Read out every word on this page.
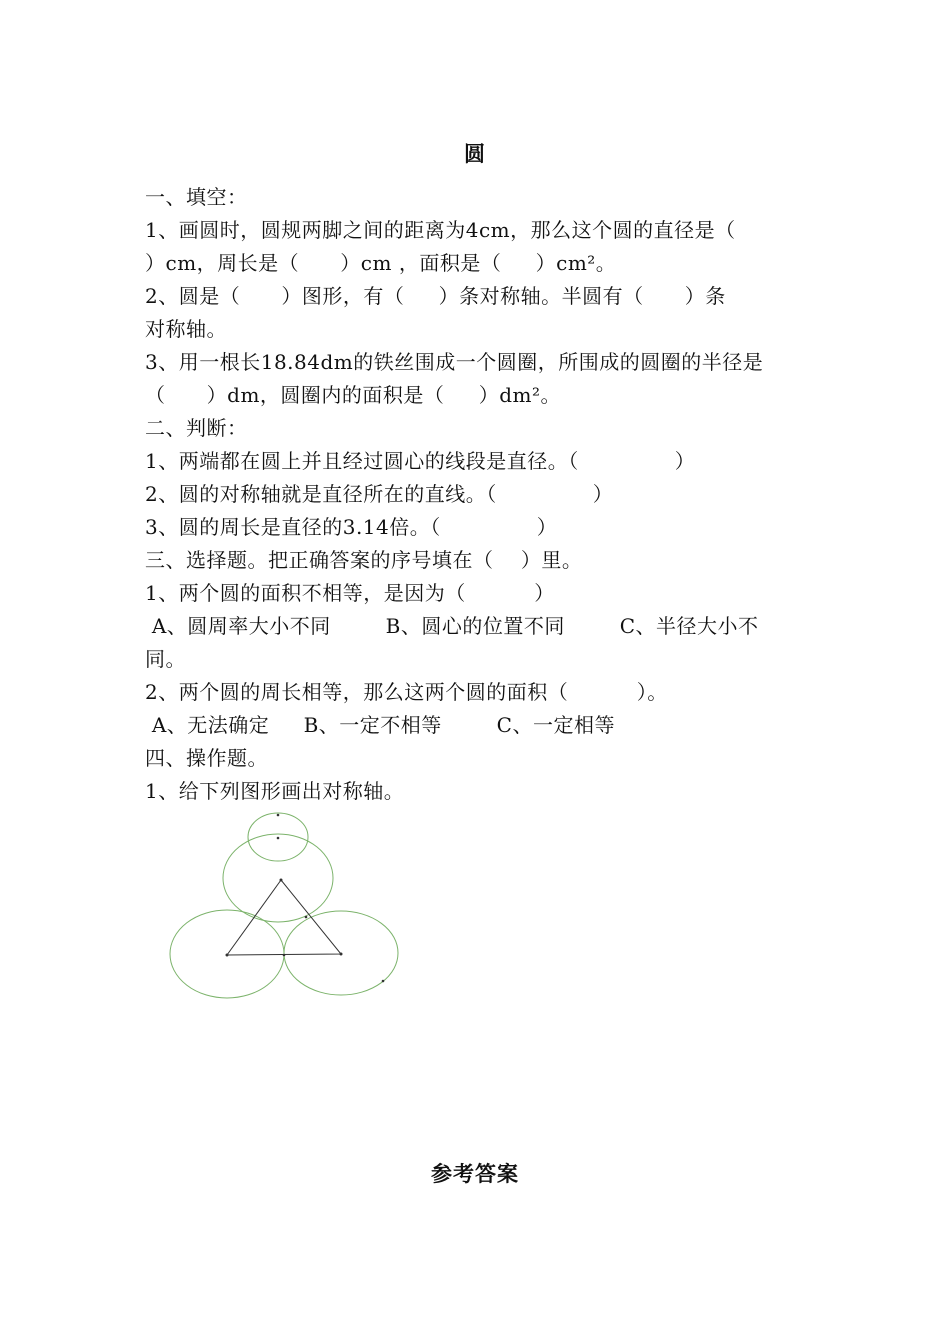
圆
一、填空：
1、画圆时，圆规两脚之间的距离为4cm，那么这个圆的直径是（
）cm，周长是（      ）cm ，面积是（     ）cm²。
2、圆是（      ）图形，有（     ）条对称轴。半圆有（      ）条
对称轴。
3、用一根长18.84dm的铁丝围成一个圆圈，所围成的圆圈的半径是
（      ）dm，圆圈内的面积是（     ）dm²。
二、判断：
1、两端都在圆上并且经过圆心的线段是直径。（              ）
2、圆的对称轴就是直径所在的直线。（              ）
3、圆的周长是直径的3.14倍。（              ）
三、选择题。把正确答案的序号填在（    ）里。
1、两个圆的面积不相等，是因为（          ）
A、圆周率大小不同        B、圆心的位置不同        C、半径大小不
同。
2、两个圆的周长相等，那么这两个圆的面积（          ）。
A、无法确定     B、一定不相等        C、一定相等
四、操作题。
1、给下列图形画出对称轴。
参考答案
